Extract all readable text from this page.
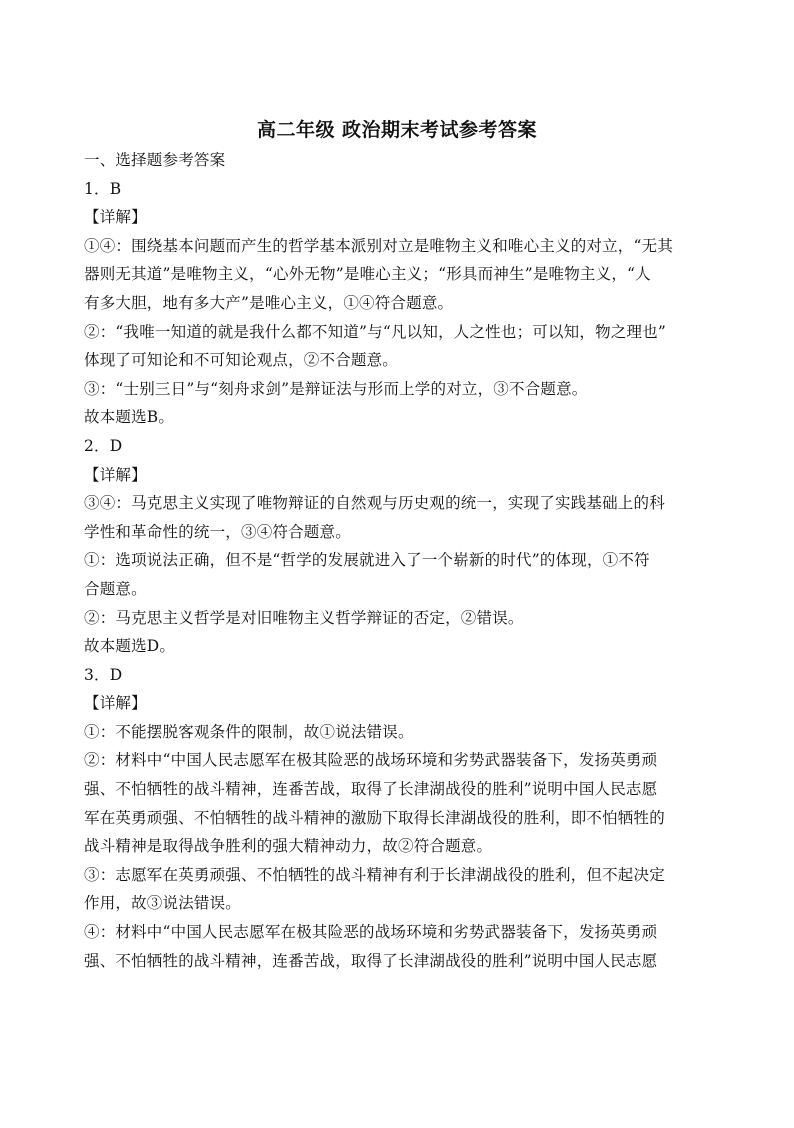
高二年级 政治期末考试参考答案
一、选择题参考答案
1．B
【详解】
①④：围绕基本问题而产生的哲学基本派别对立是唯物主义和唯心主义的对立，“无其
器则无其道”是唯物主义，“心外无物”是唯心主义；“形具而神生”是唯物主义，“人
有多大胆，地有多大产”是唯心主义，①④符合题意。
②：“我唯一知道的就是我什么都不知道”与“凡以知，人之性也；可以知，物之理也”
体现了可知论和不可知论观点，②不合题意。
③：“士别三日”与“刻舟求剑”是辩证法与形而上学的对立，③不合题意。
故本题选B。
2．D
【详解】
③④：马克思主义实现了唯物辩证的自然观与历史观的统一，实现了实践基础上的科
学性和革命性的统一，③④符合题意。
①：选项说法正确，但不是“哲学的发展就进入了一个崭新的时代”的体现，①不符
合题意。
②：马克思主义哲学是对旧唯物主义哲学辩证的否定，②错误。
故本题选D。
3．D
【详解】
①：不能摆脱客观条件的限制，故①说法错误。
②：材料中“中国人民志愿军在极其险恶的战场环境和劣势武器装备下，发扬英勇顽
强、不怕牺牲的战斗精神，连番苦战，取得了长津湖战役的胜利”说明中国人民志愿
军在英勇顽强、不怕牺牲的战斗精神的激励下取得长津湖战役的胜利，即不怕牺牲的
战斗精神是取得战争胜利的强大精神动力，故②符合题意。
③：志愿军在英勇顽强、不怕牺牲的战斗精神有利于长津湖战役的胜利，但不起决定
作用，故③说法错误。
④：材料中“中国人民志愿军在极其险恶的战场环境和劣势武器装备下，发扬英勇顽
强、不怕牺牲的战斗精神，连番苦战，取得了长津湖战役的胜利”说明中国人民志愿
